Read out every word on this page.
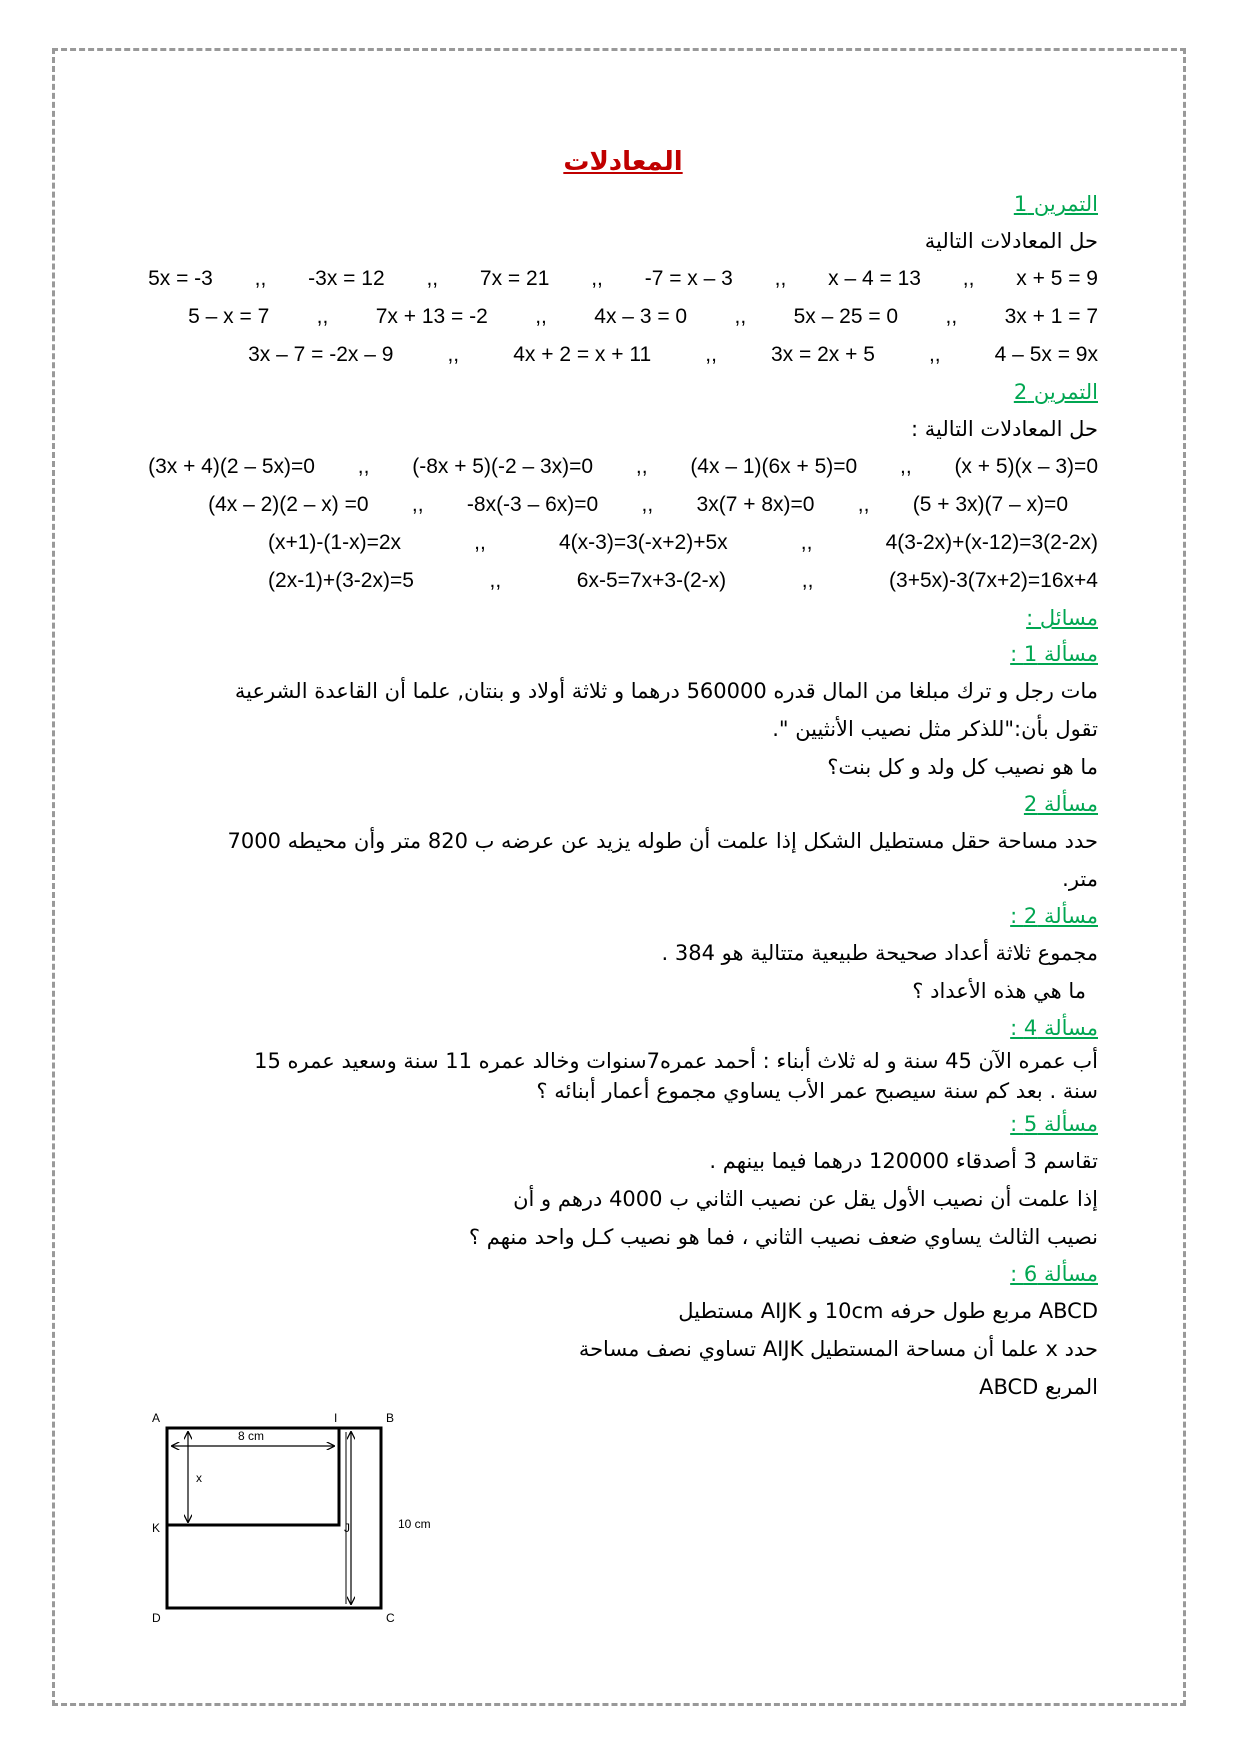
المعادلات
التمرين 1
حل المعادلات التالية
x + 5 = 9
,,
x – 4 = 13
,,
-7 = x – 3
,,
7x = 21
,,
-3x = 12
,,
5x = -3
3x + 1 = 7
,,
5x – 25 = 0
,,
4x – 3 = 0
,,
7x + 13 = -2
,,
5 – x = 7
4 – 5x = 9x
,,
3x = 2x + 5
,,
4x + 2 = x + 11
,,
3x – 7 = -2x – 9
التمرين 2
حل المعادلات التالية :
(x + 5)(x – 3)=0
,,
(4x – 1)(6x + 5)=0
,,
(-8x + 5)(-2 – 3x)=0
,,
(3x + 4)(2 – 5x)=0
(5 + 3x)(7 – x)=0
,,
3x(7 + 8x)=0
,,
-8x(-3 – 6x)=0
,,
(4x – 2)(2 – x) =0
4(3-2x)+(x-12)=3(2-2x)
,,
4(x-3)=3(-x+2)+5x
,,
(x+1)-(1-x)=2x
(3+5x)-3(7x+2)=16x+4
,,
6x-5=7x+3-(2-x)
,,
(2x-1)+(3-2x)=5
مسائل :
مسألة 1 :
مات رجل و ترك مبلغا من المال قدره 560000 درهما و ثلاثة أولاد و بنتان, علما أن القاعدة الشرعية
تقول بأن:"للذكر مثل نصيب الأنثيين ".
ما هو نصيب كل ولد و كل بنت؟
مسألة 2
حدد مساحة حقل مستطيل الشكل إذا علمت أن طوله يزيد عن عرضه ب 820 متر وأن محيطه 7000
متر.
مسألة 2 :
مجموع ثلاثة أعداد صحيحة طبيعية متتالية هو 384 .
ما هي هذه الأعداد ؟
مسألة 4 :
أب عمره الآن 45 سنة و له ثلاث أبناء : أحمد عمره7سنوات وخالد عمره 11 سنة وسعيد عمره 15
سنة . بعد كم سنة سيصبح عمر الأب يساوي مجموع أعمار أبنائه ؟
مسألة 5 :
تقاسم 3 أصدقاء 120000 درهما فيما بينهم .
إذا علمت أن نصيب الأول يقل عن نصيب الثاني ب 4000 درهم و أن
نصيب الثالث يساوي ضعف نصيب الثاني ، فما هو نصيب كـل واحد منهم ؟
مسألة 6 :
ABCD مربع طول حرفه 10cm و AIJK مستطيل
حدد x علما أن مساحة المستطيل AIJK تساوي نصف مساحة
المربع ABCD
A	I	B
K	J
D	C
8 cm
x
10 cm
